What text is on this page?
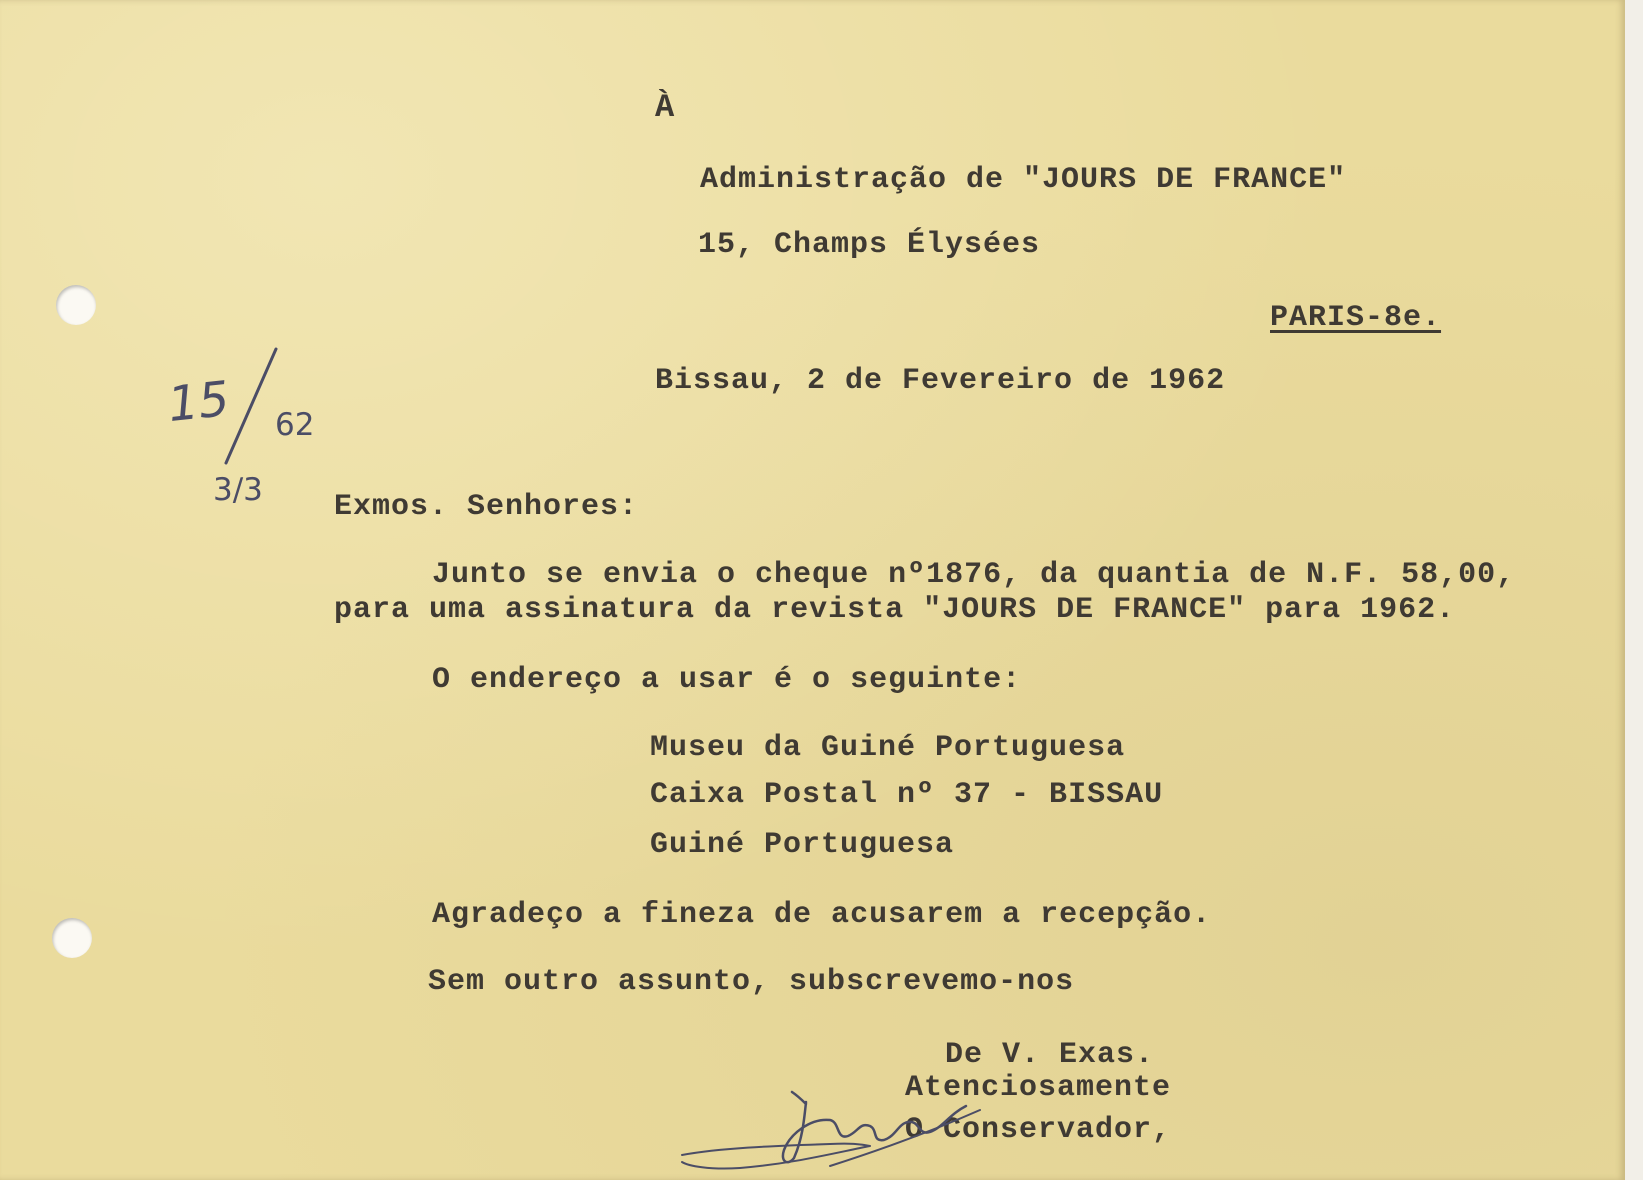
À

Administração de "JOURS DE FRANCE"

15, Champs Élysées

PARIS-8e.

Bissau, 2 de Fevereiro de 1962

15 62

3/3 Exmos. Senhores:

Junto se envia o cheque nº1876, da quantia de N.F. 58,00,

para uma assinatura da revista "JOURS DE FRANCE" para 1962.

O endereço a usar é o seguinte:

Museu da Guiné Portuguesa

Caixa Postal nº 37 - BISSAU

Guiné Portuguesa

Agradeço a fineza de acusarem a recepção.

Sem outro assunto, subscrevemo-nos

De V. Exas.

Atenciosamente

O Conservador,
